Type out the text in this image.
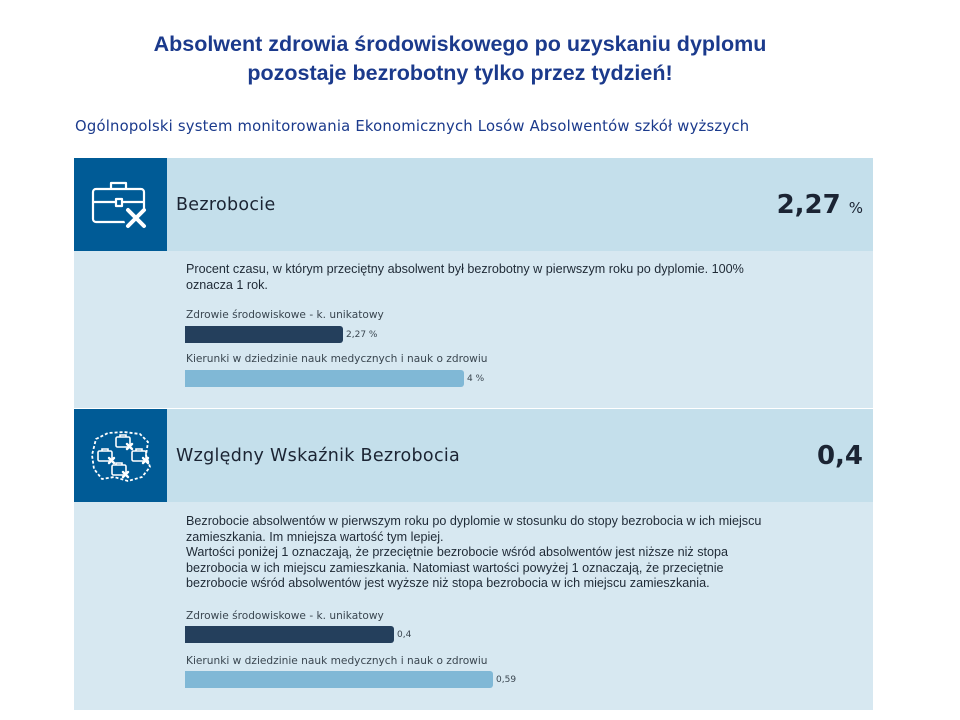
Absolwent zdrowia środowiskowego po uzyskaniu dyplomu
pozostaje bezrobotny tylko przez tydzień!
Ogólnopolski system monitorowania Ekonomicznych Losów Absolwentów szkół wyższych
Bezrobocie	2,27 %
Procent czasu, w którym przeciętny absolwent był bezrobotny w pierwszym roku po dyplomie. 100%
oznacza 1 rok.
Zdrowie środowiskowe - k. unikatowy
2,27 %
Kierunki w dziedzinie nauk medycznych i nauk o zdrowiu
4 %
Względny Wskaźnik Bezrobocia	0,4
Bezrobocie absolwentów w pierwszym roku po dyplomie w stosunku do stopy bezrobocia w ich miejscu
zamieszkania. Im mniejsza wartość tym lepiej.
Wartości poniżej 1 oznaczają, że przeciętnie bezrobocie wśród absolwentów jest niższe niż stopa
bezrobocia w ich miejscu zamieszkania. Natomiast wartości powyżej 1 oznaczają, że przeciętnie
bezrobocie wśród absolwentów jest wyższe niż stopa bezrobocia w ich miejscu zamieszkania.
Zdrowie środowiskowe - k. unikatowy
0,4
Kierunki w dziedzinie nauk medycznych i nauk o zdrowiu
0,59
